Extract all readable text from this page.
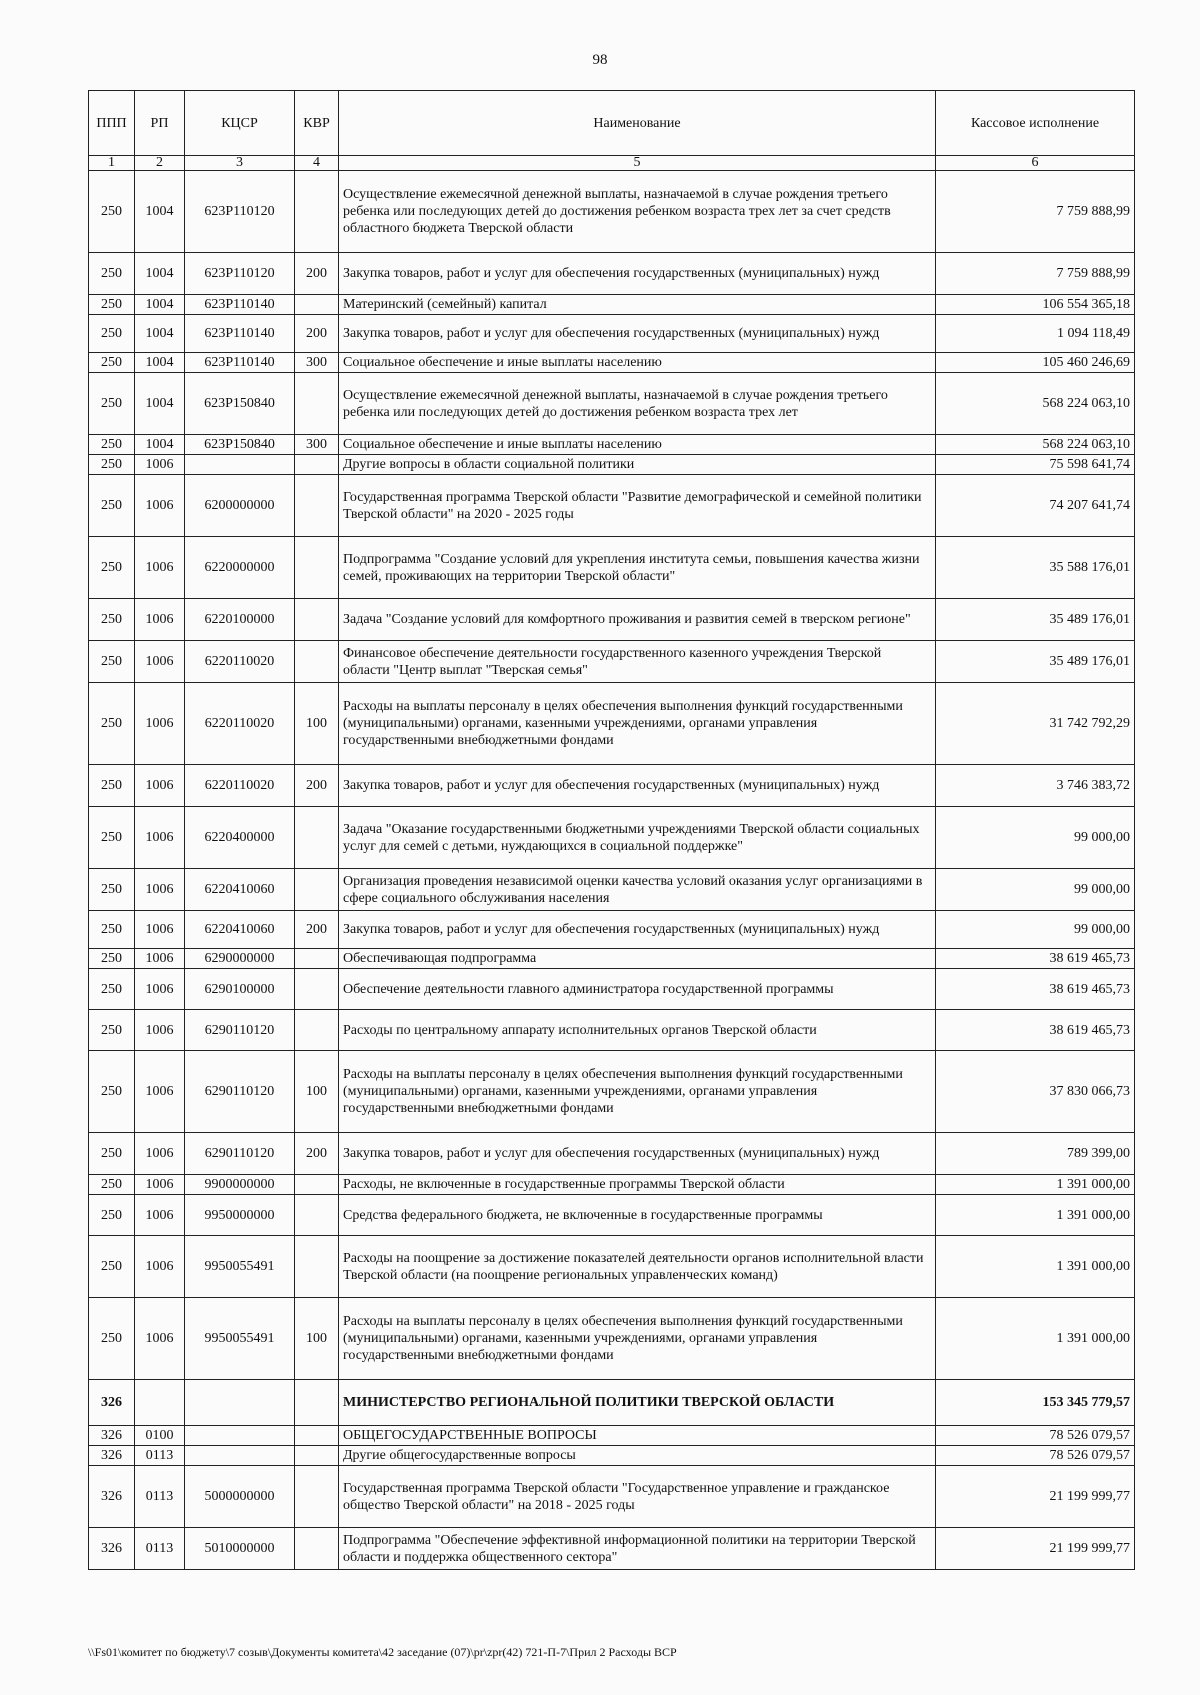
98
ППП	РП	КЦСР	КВР	Наименование	Кассовое исполнение
1	2	3	4	5	6
250	1004	623P110120		Осуществление ежемесячной денежной выплаты, назначаемой в случае рождения третьего ребенка или последующих детей до достижения ребенком возраста трех лет за счет средств областного бюджета Тверской области	7 759 888,99
250	1004	623P110120	200	Закупка товаров, работ и услуг для обеспечения государственных (муниципальных) нужд	7 759 888,99
250	1004	623P110140		Материнский (семейный) капитал	106 554 365,18
250	1004	623P110140	200	Закупка товаров, работ и услуг для обеспечения государственных (муниципальных) нужд	1 094 118,49
250	1004	623P110140	300	Социальное обеспечение и иные выплаты населению	105 460 246,69
250	1004	623P150840		Осуществление ежемесячной денежной выплаты, назначаемой в случае рождения третьего ребенка или последующих детей до достижения ребенком возраста трех лет	568 224 063,10
250	1004	623P150840	300	Социальное обеспечение и иные выплаты населению	568 224 063,10
250	1006			Другие вопросы в области социальной политики	75 598 641,74
250	1006	6200000000		Государственная программа Тверской области "Развитие демографической и семейной политики Тверской области" на 2020 - 2025 годы	74 207 641,74
250	1006	6220000000		Подпрограмма "Создание условий для укрепления института семьи, повышения качества жизни семей, проживающих на территории Тверской области"	35 588 176,01
250	1006	6220100000		Задача "Создание условий для комфортного проживания и развития семей в тверском регионе"	35 489 176,01
250	1006	6220110020		Финансовое обеспечение деятельности государственного казенного учреждения Тверской области "Центр выплат "Тверская семья"	35 489 176,01
250	1006	6220110020	100	Расходы на выплаты персоналу в целях обеспечения выполнения функций государственными (муниципальными) органами, казенными учреждениями, органами управления государственными внебюджетными фондами	31 742 792,29
250	1006	6220110020	200	Закупка товаров, работ и услуг для обеспечения государственных (муниципальных) нужд	3 746 383,72
250	1006	6220400000		Задача "Оказание государственными бюджетными учреждениями Тверской области социальных услуг для семей с детьми, нуждающихся в социальной поддержке"	99 000,00
250	1006	6220410060		Организация проведения независимой оценки качества условий оказания услуг организациями в сфере социального обслуживания населения	99 000,00
250	1006	6220410060	200	Закупка товаров, работ и услуг для обеспечения государственных (муниципальных) нужд	99 000,00
250	1006	6290000000		Обеспечивающая подпрограмма	38 619 465,73
250	1006	6290100000		Обеспечение деятельности главного администратора государственной программы	38 619 465,73
250	1006	6290110120		Расходы по центральному аппарату исполнительных органов Тверской области	38 619 465,73
250	1006	6290110120	100	Расходы на выплаты персоналу в целях обеспечения выполнения функций государственными (муниципальными) органами, казенными учреждениями, органами управления государственными внебюджетными фондами	37 830 066,73
250	1006	6290110120	200	Закупка товаров, работ и услуг для обеспечения государственных (муниципальных) нужд	789 399,00
250	1006	9900000000		Расходы, не включенные в государственные программы Тверской области	1 391 000,00
250	1006	9950000000		Средства федерального бюджета, не включенные в государственные программы	1 391 000,00
250	1006	9950055491		Расходы на поощрение за достижение показателей деятельности органов исполнительной власти Тверской области (на поощрение региональных управленческих команд)	1 391 000,00
250	1006	9950055491	100	Расходы на выплаты персоналу в целях обеспечения выполнения функций государственными (муниципальными) органами, казенными учреждениями, органами управления государственными внебюджетными фондами	1 391 000,00
326				МИНИСТЕРСТВО РЕГИОНАЛЬНОЙ ПОЛИТИКИ ТВЕРСКОЙ ОБЛАСТИ	153 345 779,57
326	0100			ОБЩЕГОСУДАРСТВЕННЫЕ ВОПРОСЫ	78 526 079,57
326	0113			Другие общегосударственные вопросы	78 526 079,57
326	0113	5000000000		Государственная программа Тверской области "Государственное управление и гражданское общество Тверской области" на 2018 - 2025 годы	21 199 999,77
326	0113	5010000000		Подпрограмма "Обеспечение эффективной информационной политики на территории Тверской области и поддержка общественного сектора"	21 199 999,77
\\Fs01\комитет по бюджету\7 созыв\Документы комитета\42 заседание (07)\pr\zpr(42) 721-П-7\Прил 2 Расходы ВСР
